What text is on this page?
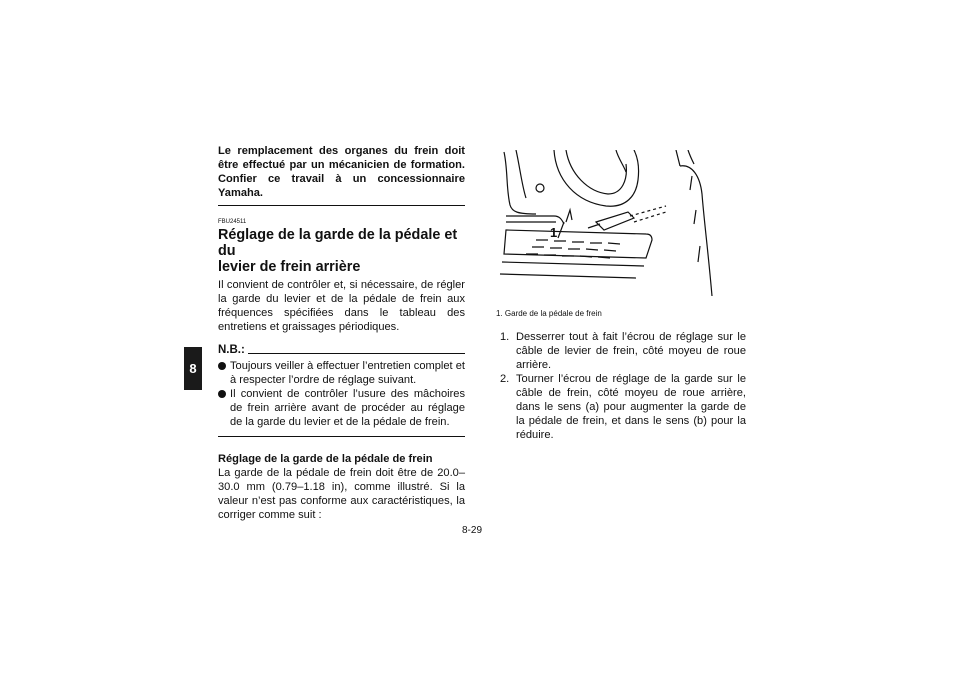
8

Le remplacement des organes du frein doit être effectué par un mécanicien de formation. Confier ce travail à un concessionnaire Yamaha.

FBU24511
Réglage de la garde de la pédale et du
levier de frein arrière

Il convient de contrôler et, si nécessaire, de régler la garde du levier et de la pédale de frein aux fréquences spécifiées dans le tableau des entretiens et graissages périodiques.

N.B.:
Toujours veiller à effectuer l’entretien complet et à respecter l’ordre de réglage suivant.
Il convient de contrôler l’usure des mâchoires de frein arrière avant de procéder au réglage de la garde du levier et de la pédale de frein.
Réglage de la garde de la pédale de frein

La garde de la pédale de frein doit être de 20.0–30.0 mm (0.79–1.18 in), comme illustré. Si la valeur n’est pas conforme aux caractéristiques, la corriger comme suit :

1
1. Garde de la pédale de frein
1. Desserrer tout à fait l’écrou de réglage sur le câble de levier de frein, côté moyeu de roue arrière.
2. Tourner l’écrou de réglage de la garde sur le câble de frein, côté moyeu de roue arrière, dans le sens (a) pour augmenter la garde de la pédale de frein, et dans le sens (b) pour la réduire.
8-29
